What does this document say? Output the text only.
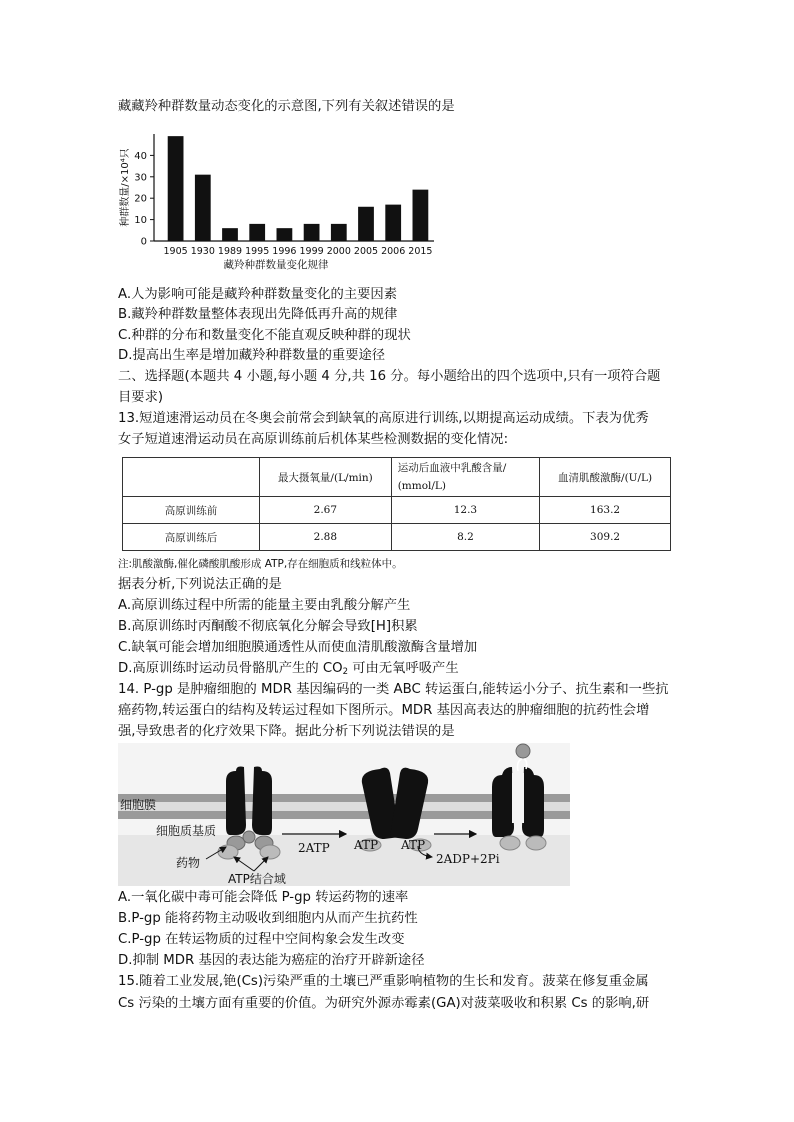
藏藏羚种群数量动态变化的示意图,下列有关叙述错误的是
0
10
20
30
40
种群数量/×10⁴只
1905 1930 1989 1995 1996 1999 2000 2005 2006 2015
藏羚种群数量变化规律
A.人为影响可能是藏羚种群数量变化的主要因素
B.藏羚种群数量整体表现出先降低再升高的规律
C.种群的分布和数量变化不能直观反映种群的现状
D.提高出生率是增加藏羚种群数量的重要途径
二、选择题(本题共 4 小题,每小题 4 分,共 16 分。每小题给出的四个选项中,只有一项符合题
目要求)
13.短道速滑运动员在冬奥会前常会到缺氧的高原进行训练,以期提高运动成绩。下表为优秀
女子短道速滑运动员在高原训练前后机体某些检测数据的变化情况:
	最大摄氧量/(L/min)	运动后血液中乳酸含量/
(mmol/L)	血清肌酸激酶/(U/L)
高原训练前	2.67	12.3	163.2
高原训练后	2.88	8.2	309.2
注:肌酸激酶,催化磷酸肌酸形成 ATP,存在细胞质和线粒体中。
据表分析,下列说法正确的是
A.高原训练过程中所需的能量主要由乳酸分解产生
B.高原训练时丙酮酸不彻底氧化分解会导致[H]积累
C.缺氧可能会增加细胞膜通透性从而使血清肌酸激酶含量增加
D.高原训练时运动员骨骼肌产生的 $CO_2$ 可由无氧呼吸产生
14. P-gp 是肿瘤细胞的 MDR 基因编码的一类 ABC 转运蛋白,能转运小分子、抗生素和一些抗
癌药物,转运蛋白的结构及转运过程如下图所示。MDR 基因高表达的肿瘤细胞的抗药性会增
强,导致患者的化疗效果下降。据此分析下列说法错误的是
细胞膜
细胞质基质
药物
ATP结合域
2ATP ATP ATP
2ADP+2Pi
A.一氧化碳中毒可能会降低 P-gp 转运药物的速率
B.P-gp 能将药物主动吸收到细胞内从而产生抗药性
C.P-gp 在转运物质的过程中空间构象会发生改变
D.抑制 MDR 基因的表达能为癌症的治疗开辟新途径
15.随着工业发展,铯(Cs)污染严重的土壤已严重影响植物的生长和发育。菠菜在修复重金属
Cs 污染的土壤方面有重要的价值。为研究外源赤霉素(GA)对菠菜吸收和积累 Cs 的影响,研
